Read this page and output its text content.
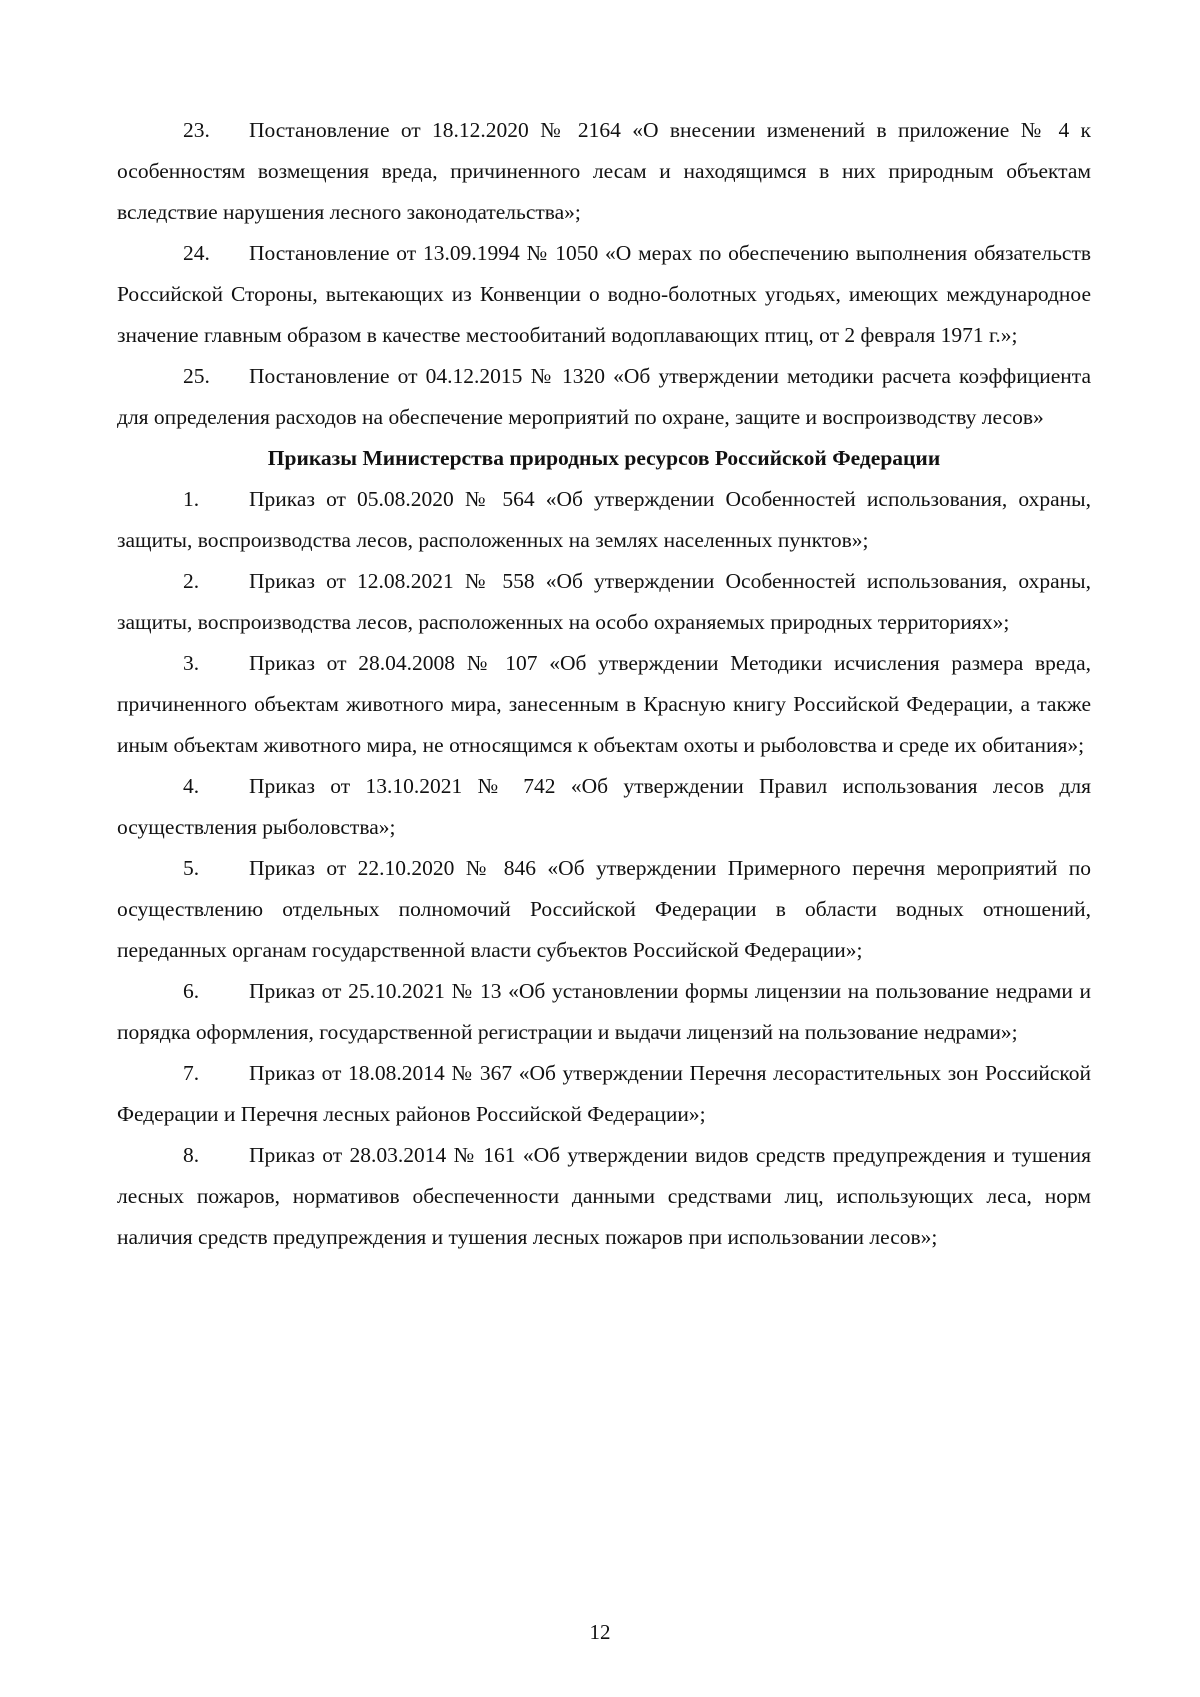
23. Постановление от 18.12.2020 № 2164 «О внесении изменений в приложение № 4 к особенностям возмещения вреда, причиненного лесам и находящимся в них природным объектам вследствие нарушения лесного законодательства»;

24. Постановление от 13.09.1994 № 1050 «О мерах по обеспечению выполнения обязательств Российской Стороны, вытекающих из Конвенции о водно-болотных угодьях, имеющих международное значение главным образом в качестве местообитаний водоплавающих птиц, от 2 февраля 1971 г.»;

25. Постановление от 04.12.2015 № 1320 «Об утверждении методики расчета коэффициента для определения расходов на обеспечение мероприятий по охране, защите и воспроизводству лесов»

Приказы Министерства природных ресурсов Российской Федерации

1. Приказ от 05.08.2020 № 564 «Об утверждении Особенностей использования, охраны, защиты, воспроизводства лесов, расположенных на землях населенных пунктов»;

2. Приказ от 12.08.2021 № 558 «Об утверждении Особенностей использования, охраны, защиты, воспроизводства лесов, расположенных на особо охраняемых природных территориях»;

3. Приказ от 28.04.2008 № 107 «Об утверждении Методики исчисления размера вреда, причиненного объектам животного мира, занесенным в Красную книгу Российской Федерации, а также иным объектам животного мира, не относящимся к объектам охоты и рыболовства и среде их обитания»;

4. Приказ от 13.10.2021 № 742 «Об утверждении Правил использования лесов для осуществления рыболовства»;

5. Приказ от 22.10.2020 № 846 «Об утверждении Примерного перечня мероприятий по осуществлению отдельных полномочий Российской Федерации в области водных отношений, переданных органам государственной власти субъектов Российской Федерации»;

6. Приказ от 25.10.2021 № 13 «Об установлении формы лицензии на пользование недрами и порядка оформления, государственной регистрации и выдачи лицензий на пользование недрами»;

7. Приказ от 18.08.2014 № 367 «Об утверждении Перечня лесорастительных зон Российской Федерации и Перечня лесных районов Российской Федерации»;

8. Приказ от 28.03.2014 № 161 «Об утверждении видов средств предупреждения и тушения лесных пожаров, нормативов обеспеченности данными средствами лиц, использующих леса, норм наличия средств предупреждения и тушения лесных пожаров при использовании лесов»;

12
